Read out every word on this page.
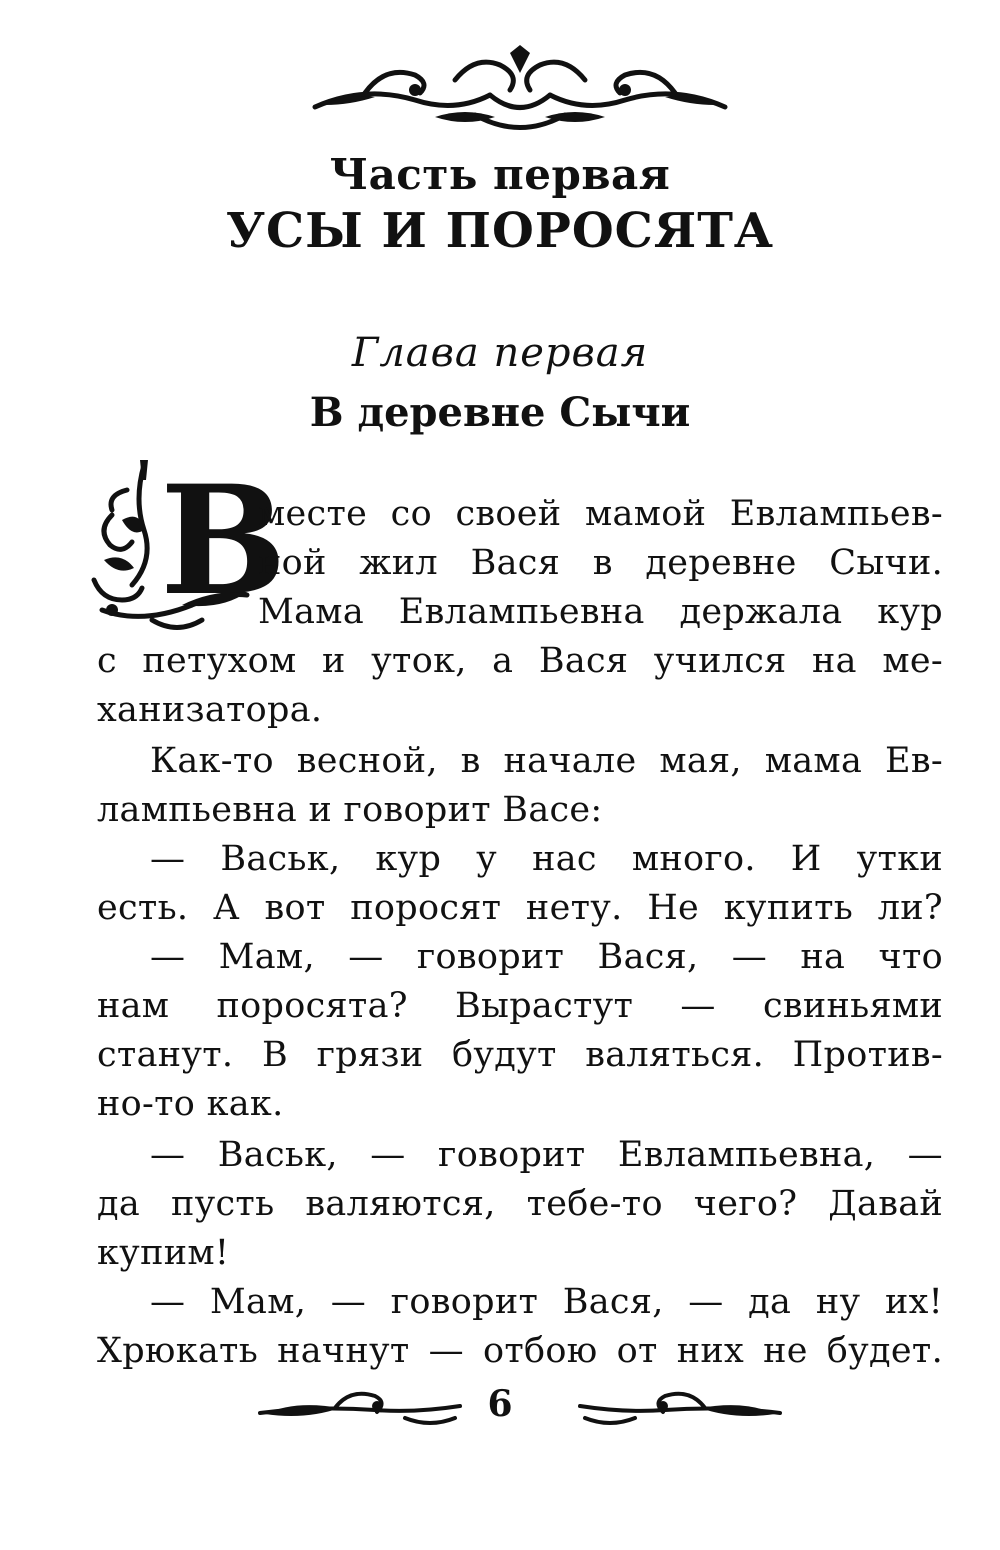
Часть первая
УСЫ И ПОРОСЯТА
Глава первая
В деревне Сычи
В
месте со своей мамой Евлампьев-
ной жил Вася в деревне Сычи.
Мама Евлампьевна держала кур
с петухом и уток, а Вася учился на ме-
ханизатора.
Как-то весной, в начале мая, мама Ев-
лампьевна и говорит Васе:
— Васьк, кур у нас много. И утки
есть. А вот поросят нету. Не купить ли?
— Мам, — говорит Вася, — на что
нам поросята? Вырастут — свиньями
станут. В грязи будут валяться. Против-
но-то как.
— Васьк, — говорит Евлампьевна, —
да пусть валяются, тебе-то чего? Давай
купим!
— Мам, — говорит Вася, — да ну их!
Хрюкать начнут — отбою от них не будет.
6
